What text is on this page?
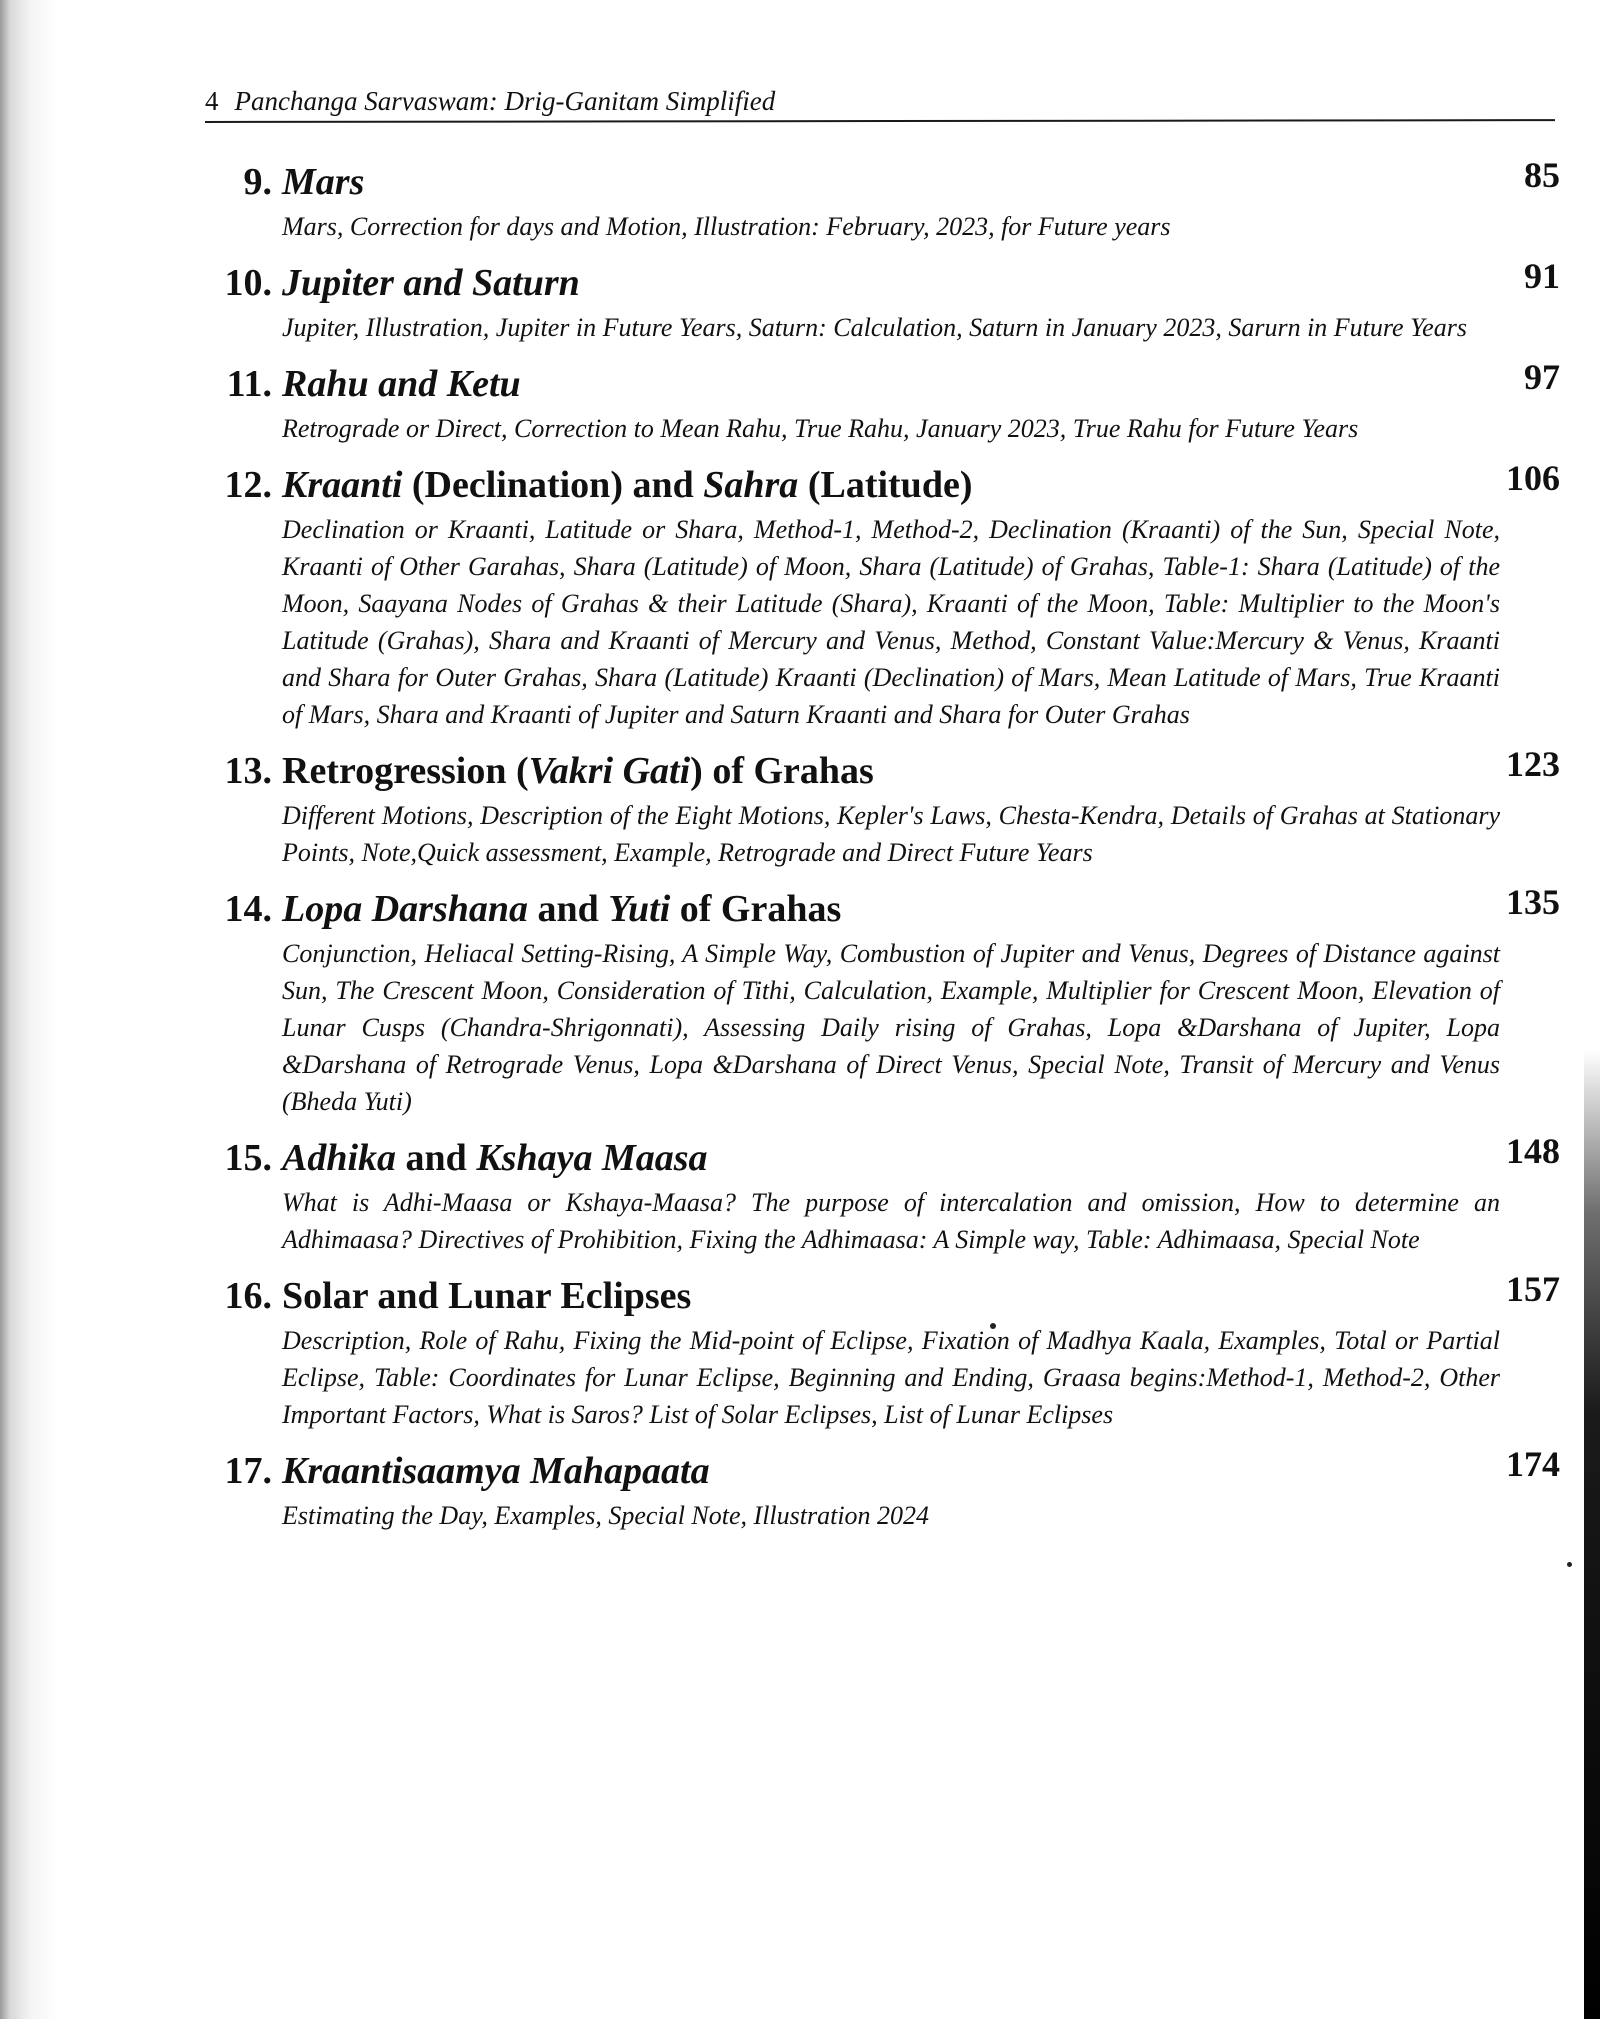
4 Panchanga Sarvaswam: Drig-Ganitam Simplified
9. Mars	85
Mars, Correction for days and Motion, Illustration: February, 2023, for Future years
10. Jupiter and Saturn	91
Jupiter, Illustration, Jupiter in Future Years, Saturn: Calculation, Saturn in January 2023, Sarurn in Future Years
11. Rahu and Ketu	97
Retrograde or Direct, Correction to Mean Rahu, True Rahu, January 2023, True Rahu for Future Years
12. Kraanti (Declination) and Sahra (Latitude)	106
Declination or Kraanti, Latitude or Shara, Method-1, Method-2, Declination (Kraanti) of the Sun, Special Note, Kraanti of Other Garahas, Shara (Latitude) of Moon, Shara (Latitude) of Grahas, Table-1: Shara (Latitude) of the Moon, Saayana Nodes of Grahas & their Latitude (Shara), Kraanti of the Moon, Table: Multiplier to the Moon's Latitude (Grahas), Shara and Kraanti of Mercury and Venus, Method, Constant Value:Mercury & Venus, Kraanti and Shara for Outer Grahas, Shara (Latitude) Kraanti (Declination) of Mars, Mean Latitude of Mars, True Kraanti of Mars, Shara and Kraanti of Jupiter and Saturn Kraanti and Shara for Outer Grahas
13. Retrogression (Vakri Gati) of Grahas	123
Different Motions, Description of the Eight Motions, Kepler's Laws, Chesta-Kendra, Details of Grahas at Stationary Points, Note,Quick assessment, Example, Retrograde and Direct Future Years
14. Lopa Darshana and Yuti of Grahas	135
Conjunction, Heliacal Setting-Rising, A Simple Way, Combustion of Jupiter and Venus, Degrees of Distance against Sun, The Crescent Moon, Consideration of Tithi, Calculation, Example, Multiplier for Crescent Moon, Elevation of Lunar Cusps (Chandra-Shrigonnati), Assessing Daily rising of Grahas, Lopa &Darshana of Jupiter, Lopa &Darshana of Retrograde Venus, Lopa &Darshana of Direct Venus, Special Note, Transit of Mercury and Venus (Bheda Yuti)
15. Adhika and Kshaya Maasa	148
What is Adhi-Maasa or Kshaya-Maasa? The purpose of intercalation and omission, How to determine an Adhimaasa? Directives of Prohibition, Fixing the Adhimaasa: A Simple way, Table: Adhimaasa, Special Note
16. Solar and Lunar Eclipses	157
Description, Role of Rahu, Fixing the Mid-point of Eclipse, Fixation of Madhya Kaala, Examples, Total or Partial Eclipse, Table: Coordinates for Lunar Eclipse, Beginning and Ending, Graasa begins:Method-1, Method-2, Other Important Factors, What is Saros? List of Solar Eclipses, List of Lunar Eclipses
17. Kraantisaamya Mahapaata	174
Estimating the Day, Examples, Special Note, Illustration 2024
